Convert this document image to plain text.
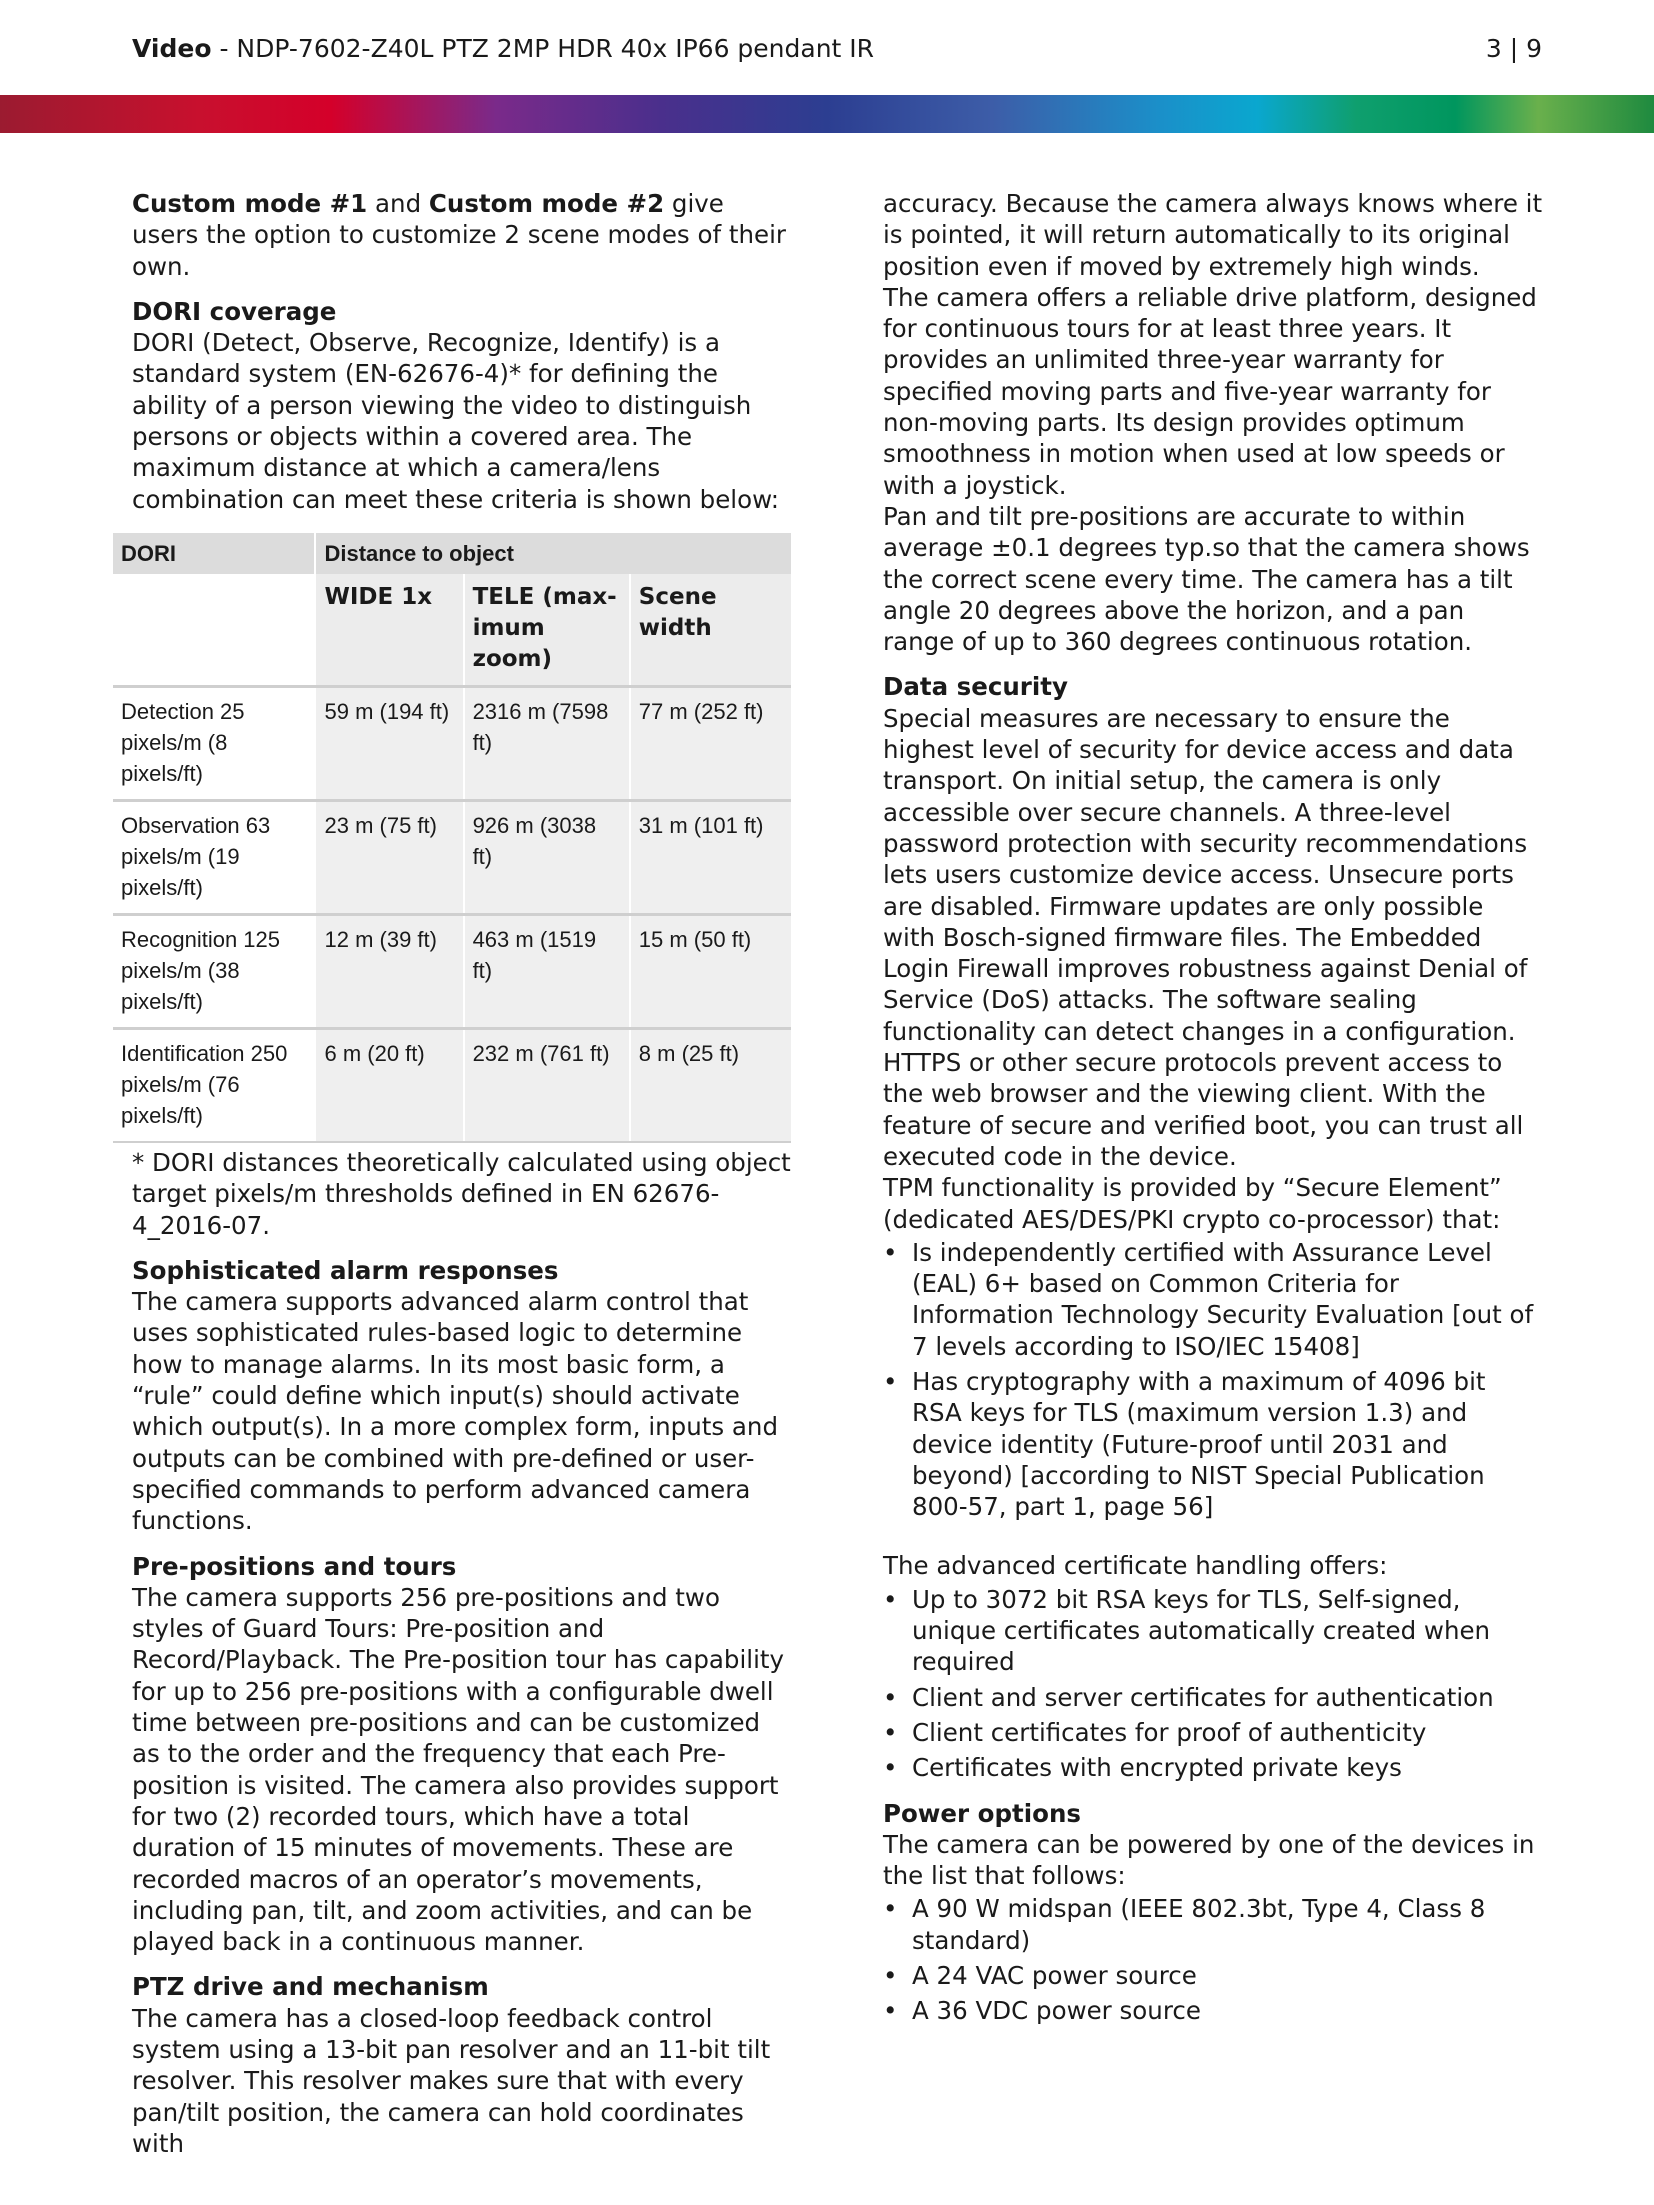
Video - NDP-7602-Z40L PTZ 2MP HDR 40x IP66 pendant IR	3 | 9

Custom mode #1 and Custom mode #2 give users the option to customize 2 scene modes of their own.

DORI coverage

DORI (Detect, Observe, Recognize, Identify) is a standard system (EN-62676-4)* for defining the ability of a person viewing the video to distinguish persons or objects within a covered area. The maximum distance at which a camera/lens combination can meet these criteria is shown below:

DORI	Distance to object		
	WIDE 1x	TELE (max-imum zoom)	Scene width
Detection 25 pixels/m (8 pixels/ft)	59 m (194 ft)	2316 m (7598 ft)	77 m (252 ft)
Observation 63 pixels/m (19 pixels/ft)	23 m (75 ft)	926 m (3038 ft)	31 m (101 ft)
Recognition 125 pixels/m (38 pixels/ft)	12 m (39 ft)	463 m (1519 ft)	15 m (50 ft)
Identification 250 pixels/m (76 pixels/ft)	6 m (20 ft)	232 m (761 ft)	8 m (25 ft)

* DORI distances theoretically calculated using object target pixels/m thresholds defined in EN 62676-4_2016-07.

Sophisticated alarm responses

The camera supports advanced alarm control that uses sophisticated rules-based logic to determine how to manage alarms. In its most basic form, a “rule” could define which input(s) should activate which output(s). In a more complex form, inputs and outputs can be combined with pre-defined or user-specified commands to perform advanced camera functions.

Pre-positions and tours

The camera supports 256 pre-positions and two styles of Guard Tours: Pre-position and Record/Playback. The Pre-position tour has capability for up to 256 pre-positions with a configurable dwell time between pre-positions and can be customized as to the order and the frequency that each Pre-position is visited. The camera also provides support for two (2) recorded tours, which have a total duration of 15 minutes of movements. These are recorded macros of an operator’s movements, including pan, tilt, and zoom activities, and can be played back in a continuous manner.

PTZ drive and mechanism

The camera has a closed-loop feedback control system using a 13-bit pan resolver and an 11-bit tilt resolver. This resolver makes sure that with every pan/tilt position, the camera can hold coordinates with

accuracy. Because the camera always knows where it is pointed, it will return automatically to its original position even if moved by extremely high winds.

The camera offers a reliable drive platform, designed for continuous tours for at least three years. It provides an unlimited three-year warranty for specified moving parts and five-year warranty for non-moving parts. Its design provides optimum smoothness in motion when used at low speeds or with a joystick.

Pan and tilt pre-positions are accurate to within average ±0.1 degrees typ.so that the camera shows the correct scene every time. The camera has a tilt angle 20 degrees above the horizon, and a pan range of up to 360 degrees continuous rotation.

Data security

Special measures are necessary to ensure the highest level of security for device access and data transport. On initial setup, the camera is only accessible over secure channels. A three-level password protection with security recommendations lets users customize device access. Unsecure ports are disabled. Firmware updates are only possible with Bosch-signed firmware files. The Embedded Login Firewall improves robustness against Denial of Service (DoS) attacks. The software sealing functionality can detect changes in a configuration. HTTPS or other secure protocols prevent access to the web browser and the viewing client. With the feature of secure and verified boot, you can trust all executed code in the device.

TPM functionality is provided by “Secure Element” (dedicated AES/DES/PKI crypto co-processor) that:

• Is independently certified with Assurance Level (EAL) 6+ based on Common Criteria for Information Technology Security Evaluation [out of 7 levels according to ISO/IEC 15408]
• Has cryptography with a maximum of 4096 bit RSA keys for TLS (maximum version 1.3) and device identity (Future-proof until 2031 and beyond) [according to NIST Special Publication 800-57, part 1, page 56]

The advanced certificate handling offers:

• Up to 3072 bit RSA keys for TLS, Self-signed, unique certificates automatically created when required
• Client and server certificates for authentication
• Client certificates for proof of authenticity
• Certificates with encrypted private keys
Power options

The camera can be powered by one of the devices in the list that follows:

• A 90 W midspan (IEEE 802.3bt, Type 4, Class 8 standard)
• A 24 VAC power source
• A 36 VDC power source
